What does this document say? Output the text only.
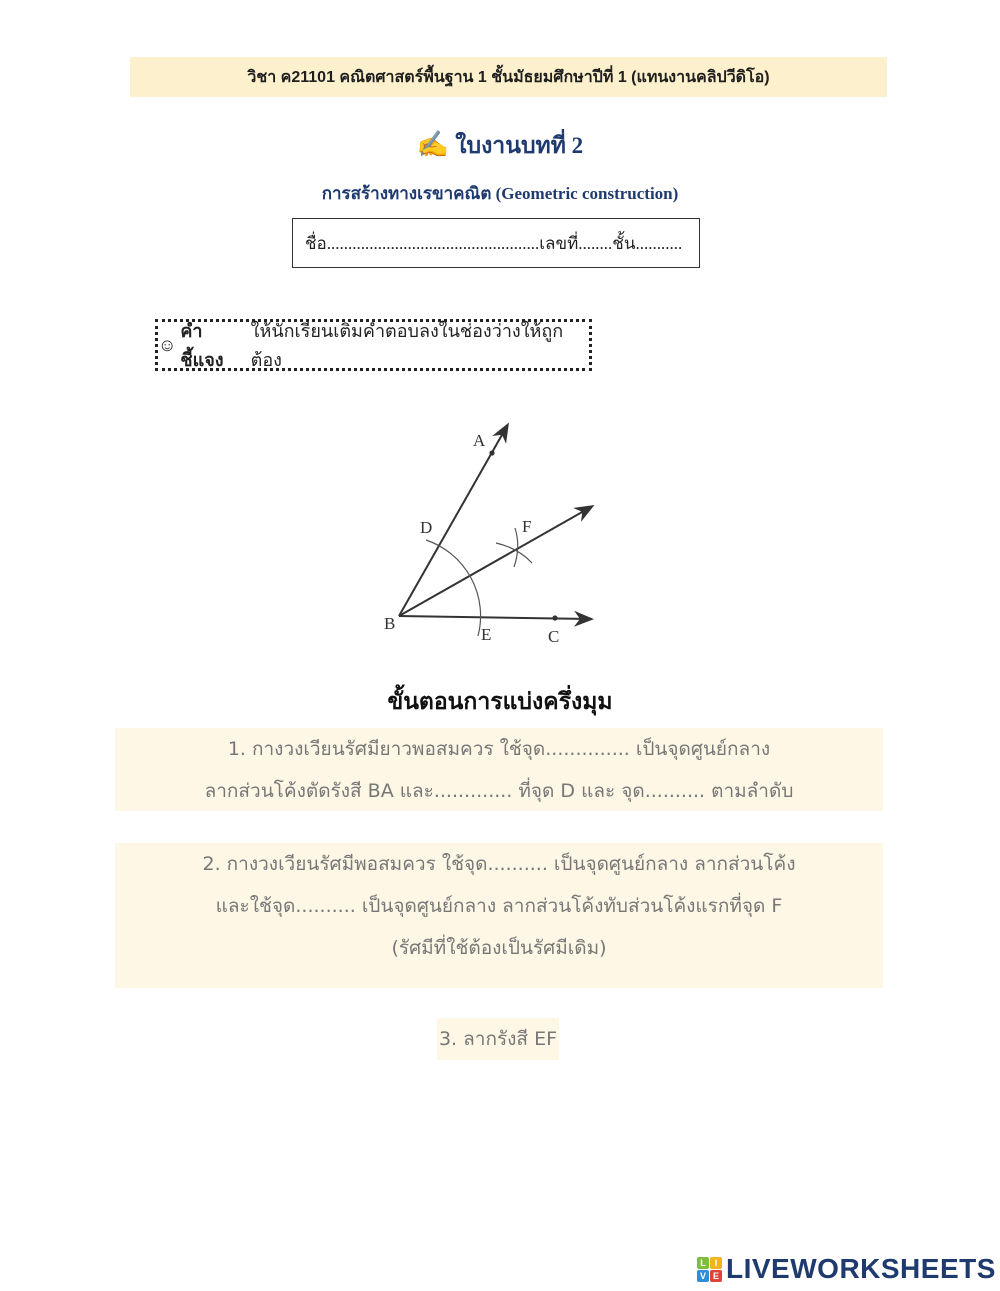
วิชา ค21101 คณิตศาสตร์พื้นฐาน 1 ชั้นมัธยมศึกษาปีที่ 1 (แทนงานคลิปวีดิโอ)
✍ ใบงานบทที่ 2
การสร้างทางเรขาคณิต (Geometric construction)
ชื่อ..................................................เลขที่........ชั้น...........
☺
คำชี้แจง
ให้นักเรียนเติมคำตอบลงในช่องว่างให้ถูกต้อง
A
B
C
D
E
F
ขั้นตอนการแบ่งครึ่งมุม
1. กางวงเวียนรัศมียาวพอสมควร ใช้จุด.............. เป็นจุดศูนย์กลาง
ลากส่วนโค้งตัดรังสี BA และ............. ที่จุด D และ จุด.......... ตามลำดับ
2. กางวงเวียนรัศมีพอสมควร ใช้จุด.......... เป็นจุดศูนย์กลาง ลากส่วนโค้ง
และใช้จุด.......... เป็นจุดศูนย์กลาง ลากส่วนโค้งทับส่วนโค้งแรกที่จุด F
(รัศมีที่ใช้ต้องเป็นรัศมีเดิม)
3. ลากรังสี EF
L I
V E LIVEWORKSHEETS
